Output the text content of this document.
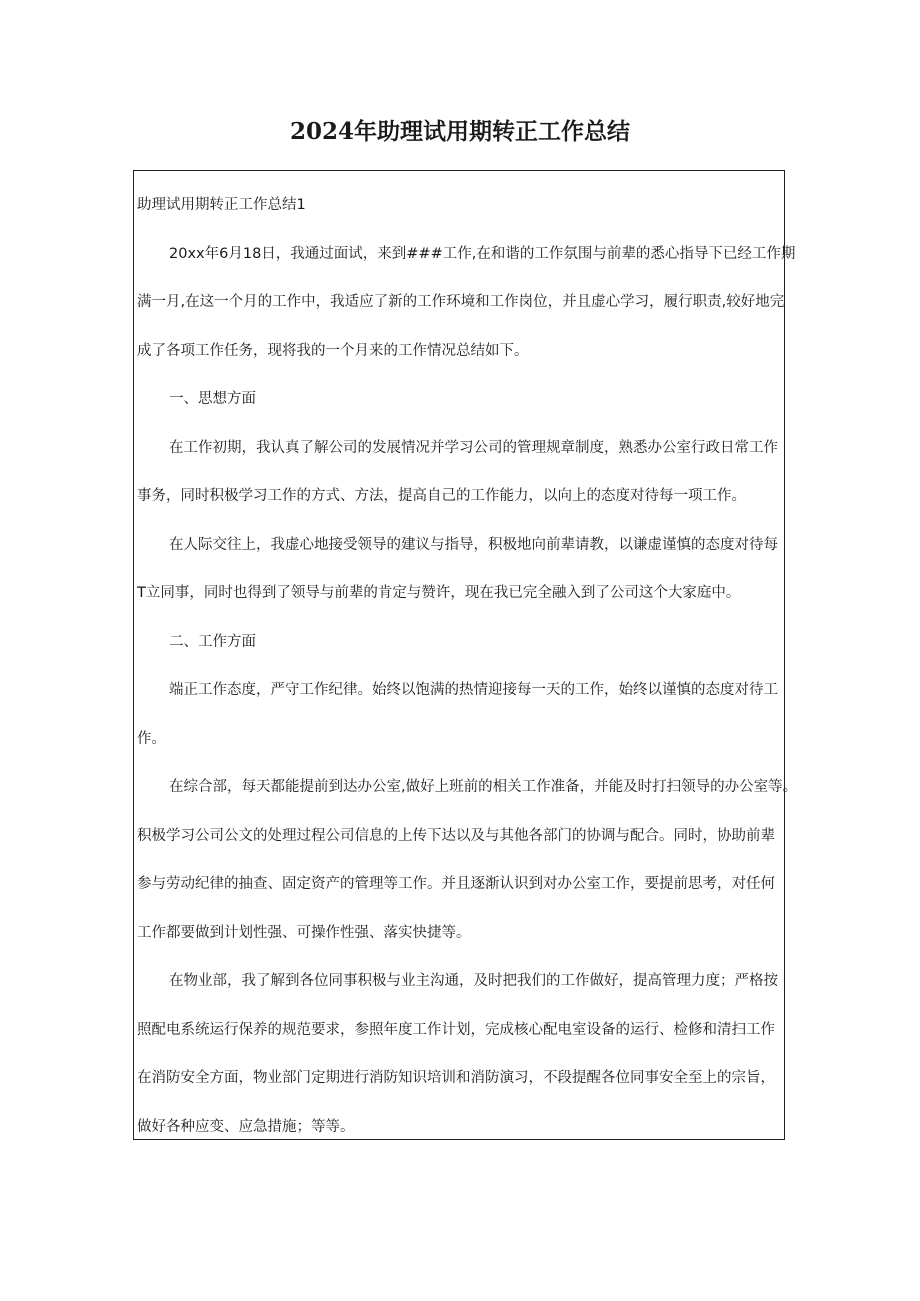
2024年助理试用期转正工作总结
助理试用期转正工作总结1
20xx年6月18日，我通过面试，来到###工作,在和谐的工作氛围与前辈的悉心指导下已经工作期
满一月,在这一个月的工作中，我适应了新的工作环境和工作岗位，并且虚心学习，履行职责,较好地完
成了各项工作任务，现将我的一个月来的工作情况总结如下。
一、思想方面
在工作初期，我认真了解公司的发展情况并学习公司的管理规章制度，熟悉办公室行政日常工作
事务，同时积极学习工作的方式、方法，提高自己的工作能力，以向上的态度对待每一项工作。
在人际交往上，我虚心地接受领导的建议与指导，积极地向前辈请教，以谦虚谨慎的态度对待每
T立同事，同时也得到了领导与前辈的肯定与赞许，现在我已完全融入到了公司这个大家庭中。
二、工作方面
端正工作态度，严守工作纪律。始终以饱满的热情迎接每一天的工作，始终以谨慎的态度对待工
作。
在综合部，每天都能提前到达办公室,做好上班前的相关工作准备，并能及时打扫领导的办公室等。
积极学习公司公文的处理过程公司信息的上传下达以及与其他各部门的协调与配合。同时，协助前辈
参与劳动纪律的抽查、固定资产的管理等工作。并且逐渐认识到对办公室工作，要提前思考，对任何
工作都要做到计划性强、可操作性强、落实快捷等。
在物业部，我了解到各位同事积极与业主沟通，及时把我们的工作做好，提高管理力度；严格按
照配电系统运行保养的规范要求，参照年度工作计划，完成核心配电室设备的运行、检修和清扫工作
在消防安全方面，物业部门定期进行消防知识培训和消防演习，不段提醒各位同事安全至上的宗旨，
做好各种应变、应急措施；等等。
